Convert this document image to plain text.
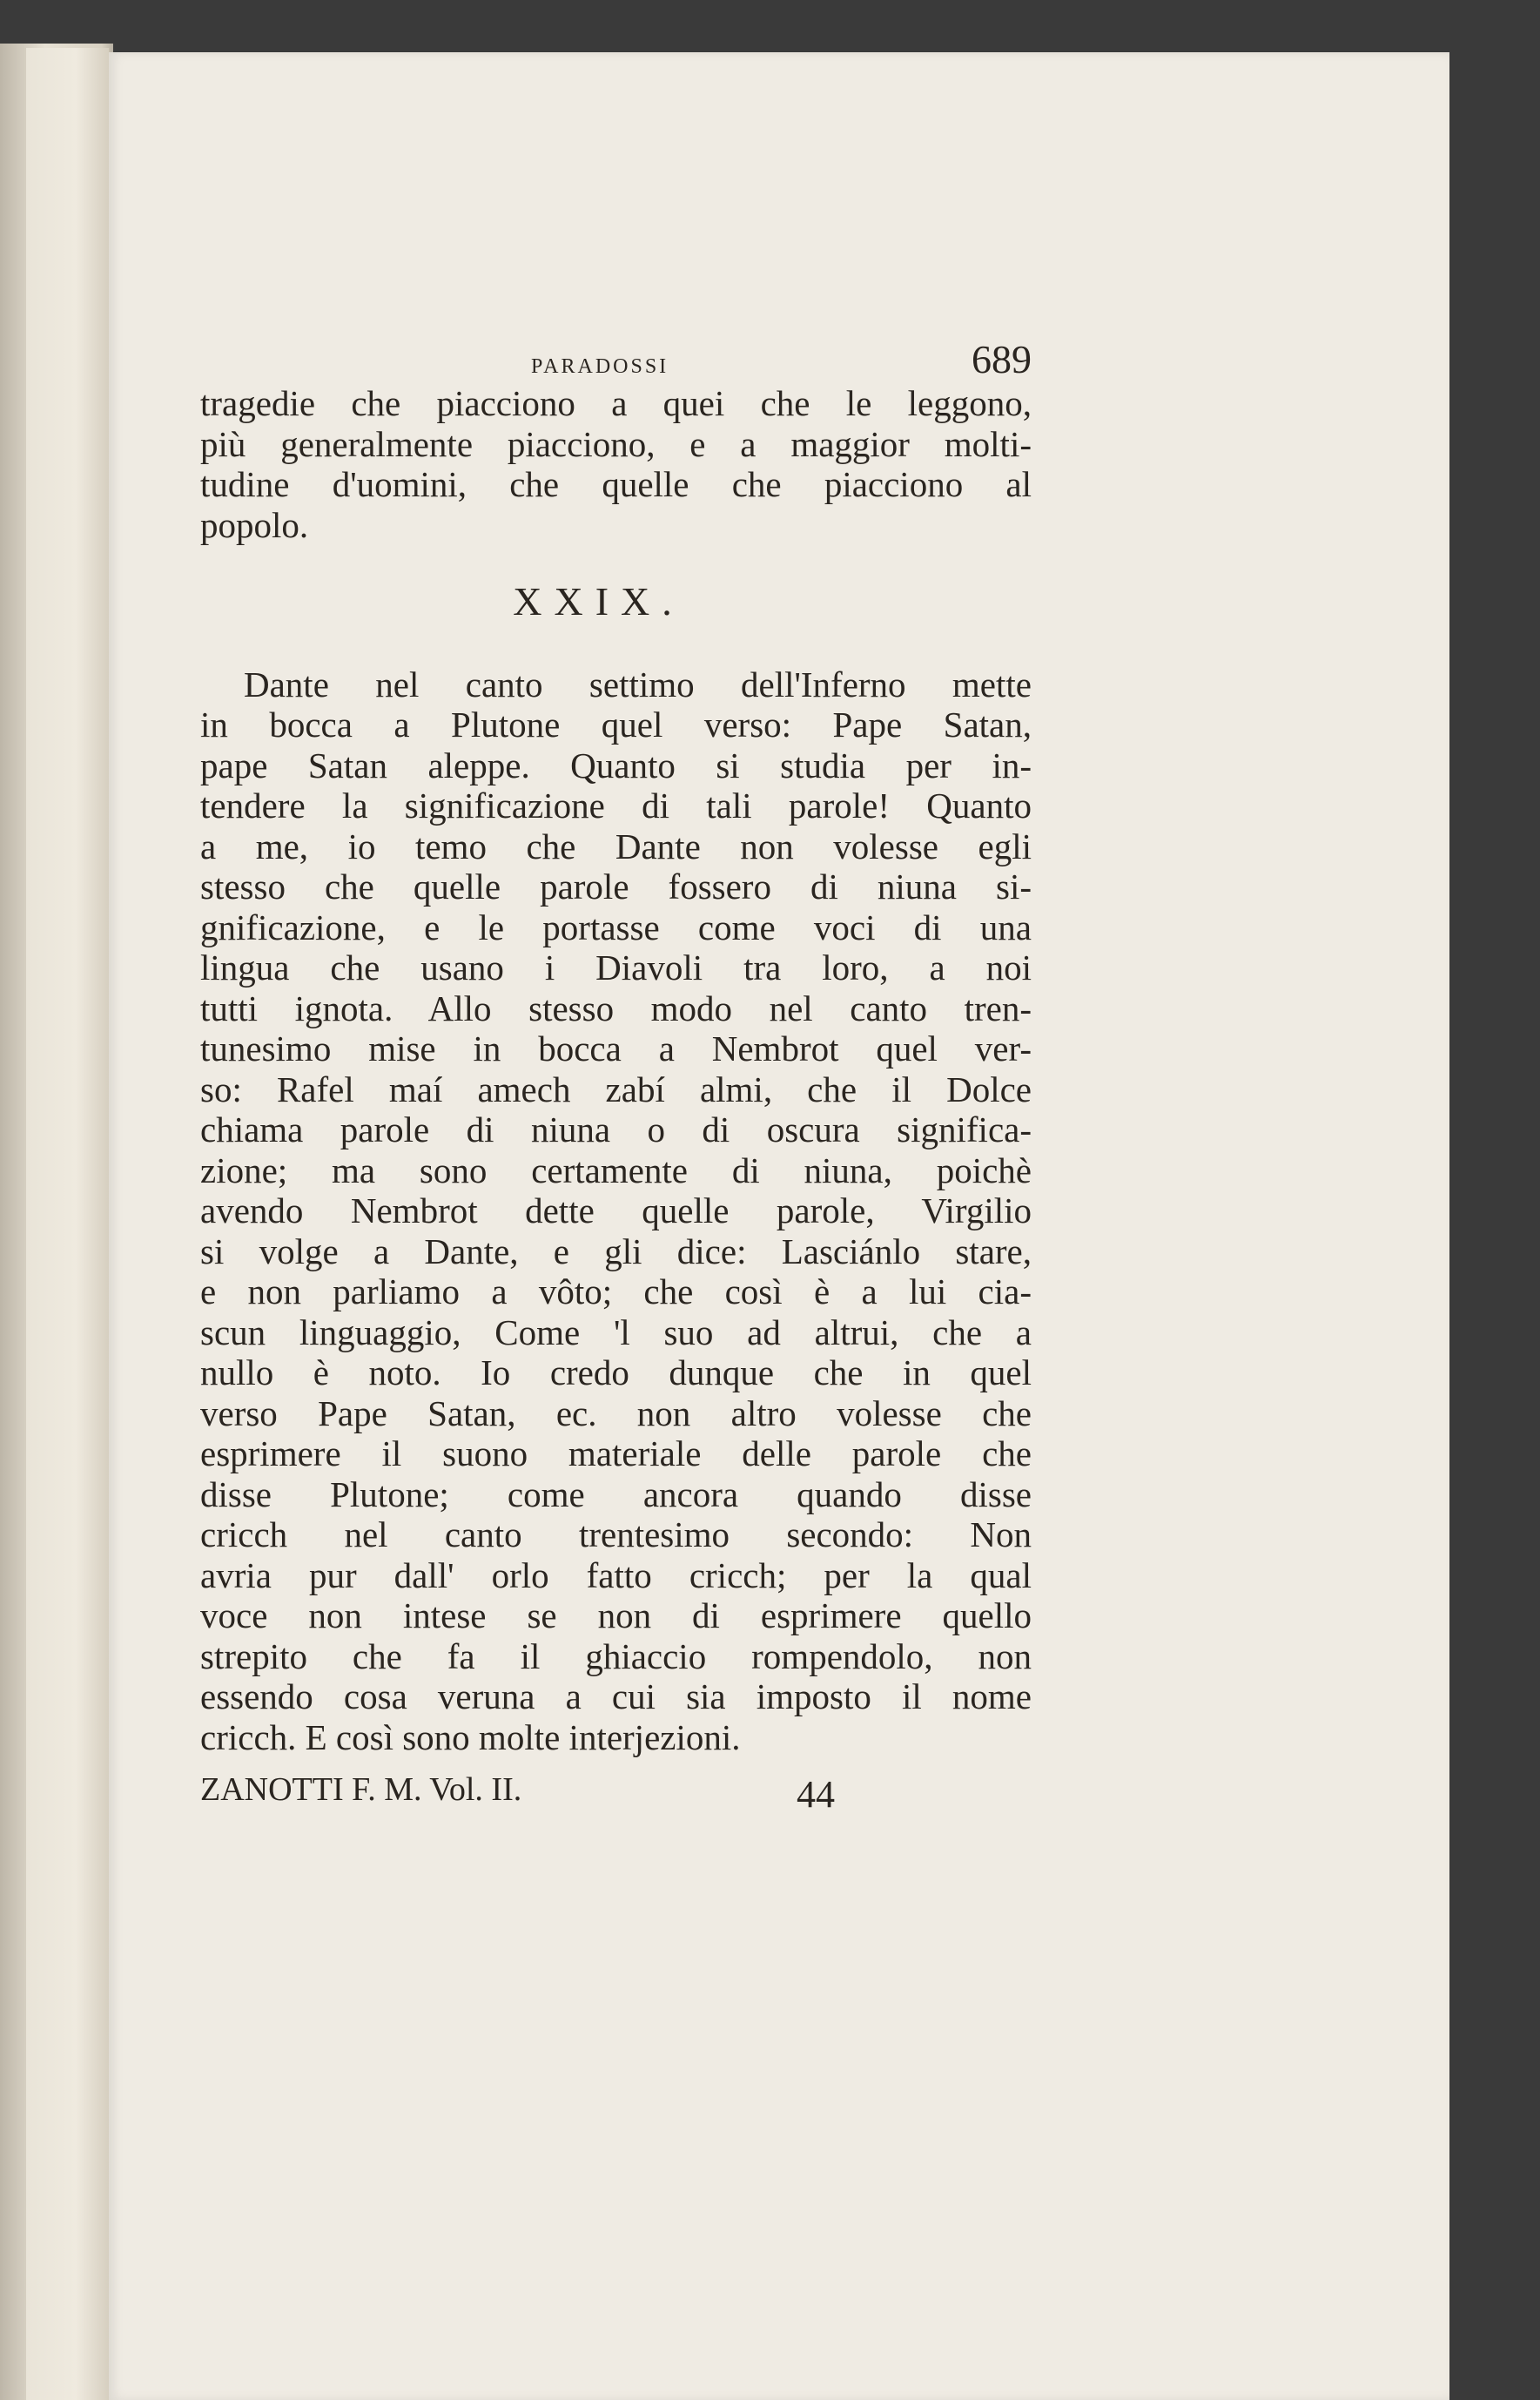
PARADOSSI	689
tragedie che piacciono a quei che le leggono,
più generalmente piacciono, e a maggior molti-
tudine d'uomini, che quelle che piacciono al
popolo.
XXIX.
Dante nel canto settimo dell'Inferno mette
in bocca a Plutone quel verso: Pape Satan,
pape Satan aleppe. Quanto si studia per in-
tendere la significazione di tali parole! Quanto
a me, io temo che Dante non volesse egli
stesso che quelle parole fossero di niuna si-
gnificazione, e le portasse come voci di una
lingua che usano i Diavoli tra loro, a noi
tutti ignota. Allo stesso modo nel canto tren-
tunesimo mise in bocca a Nembrot quel ver-
so: Rafel maí amech zabí almi, che il Dolce
chiama parole di niuna o di oscura significa-
zione; ma sono certamente di niuna, poichè
avendo Nembrot dette quelle parole, Virgilio
si volge a Dante, e gli dice: Lasciánlo stare,
e non parliamo a vôto; che così è a lui cia-
scun linguaggio, Come 'l suo ad altrui, che a
nullo è noto. Io credo dunque che in quel
verso Pape Satan, ec. non altro volesse che
esprimere il suono materiale delle parole che
disse Plutone; come ancora quando disse
cricch nel canto trentesimo secondo: Non
avria pur dall' orlo fatto cricch; per la qual
voce non intese se non di esprimere quello
strepito che fa il ghiaccio rompendolo, non
essendo cosa veruna a cui sia imposto il nome
cricch. E così sono molte interjezioni.
ZANOTTI F. M. Vol. II.	44
